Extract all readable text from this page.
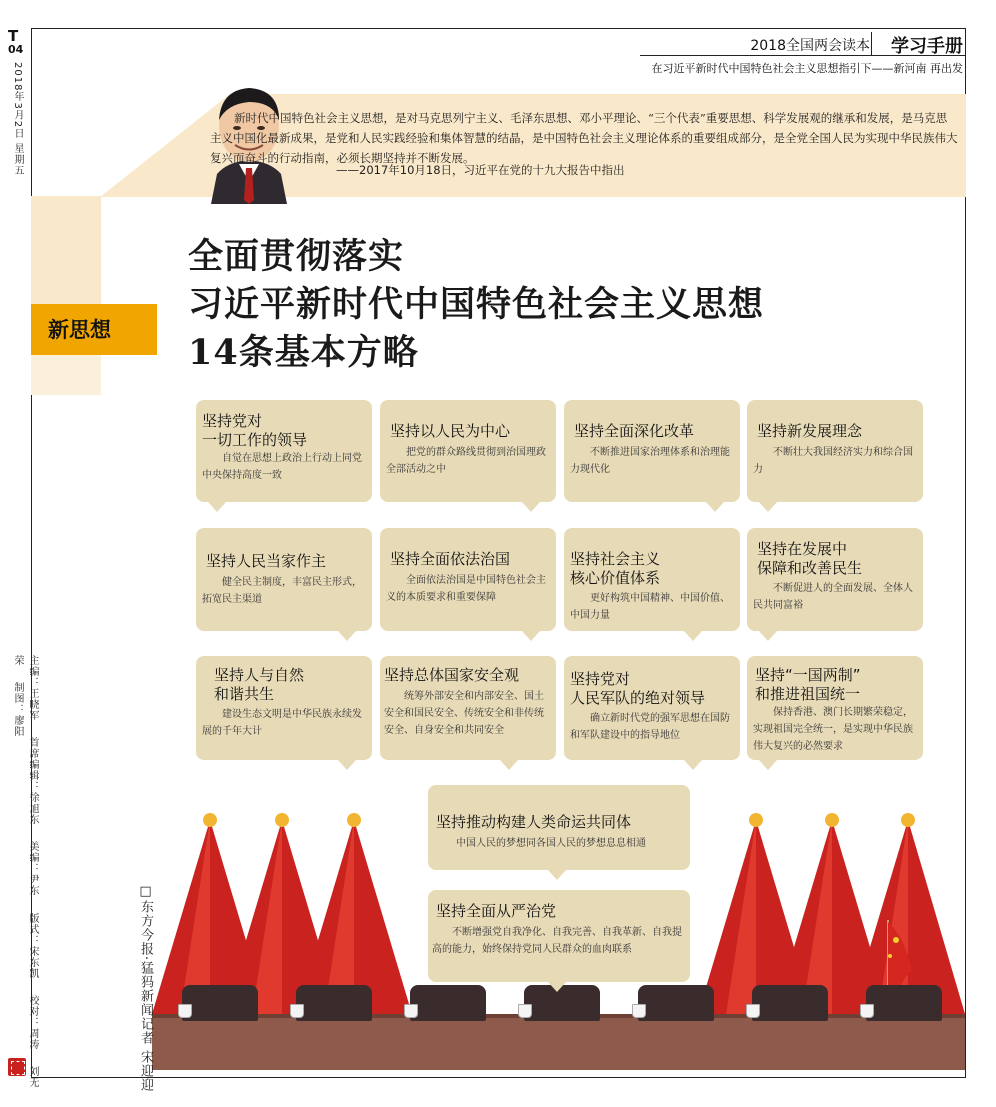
T
04
2018年3月2日 星期五
主编：王晓军 首席编辑：徐旭东 美编：尹东 版式：宋东凯 校对：周涛 刘无荣 制图：廖阳
2018全国两会读本 学习手册
在习近平新时代中国特色社会主义思想指引下——新河南 再出发

新时代中国特色社会主义思想，是对马克思列宁主义、毛泽东思想、邓小平理论、“三个代表”重要思想、科学发展观的继承和发展，是马克思主义中国化最新成果，是党和人民实践经验和集体智慧的结晶，是中国特色社会主义理论体系的重要组成部分，是全党全国人民为实现中华民族伟大复兴而奋斗的行动指南，必须长期坚持并不断发展。

——2017年10月18日，习近平在党的十九大报告中指出
新思想
全面贯彻落实
习近平新时代中国特色社会主义思想
14条基本方略
坚持党对
一切工作的领导
自觉在思想上政治上行动上同党中央保持高度一致
坚持以人民为中心
把党的群众路线贯彻到治国理政全部活动之中
坚持全面深化改革
不断推进国家治理体系和治理能力现代化
坚持新发展理念
不断壮大我国经济实力和综合国力
坚持人民当家作主
健全民主制度，丰富民主形式，拓宽民主渠道
坚持全面依法治国
全面依法治国是中国特色社会主义的本质要求和重要保障
坚持社会主义
核心价值体系
更好构筑中国精神、中国价值、中国力量
坚持在发展中
保障和改善民生
不断促进人的全面发展、全体人民共同富裕
坚持人与自然
和谐共生
建设生态文明是中华民族永续发展的千年大计
坚持总体国家安全观
统筹外部安全和内部安全、国土安全和国民安全、传统安全和非传统安全、自身安全和共同安全
坚持党对
人民军队的绝对领导
确立新时代党的强军思想在国防和军队建设中的指导地位
坚持“一国两制”
和推进祖国统一
保持香港、澳门长期繁荣稳定，实现祖国完全统一，是实现中华民族伟大复兴的必然要求
坚持推动构建人类命运共同体
中国人民的梦想同各国人民的梦想息息相通
坚持全面从严治党
不断增强党自我净化、自我完善、自我革新、自我提高的能力，始终保持党同人民群众的血肉联系
□东方今报·猛犸新闻记者 宋迎迎
